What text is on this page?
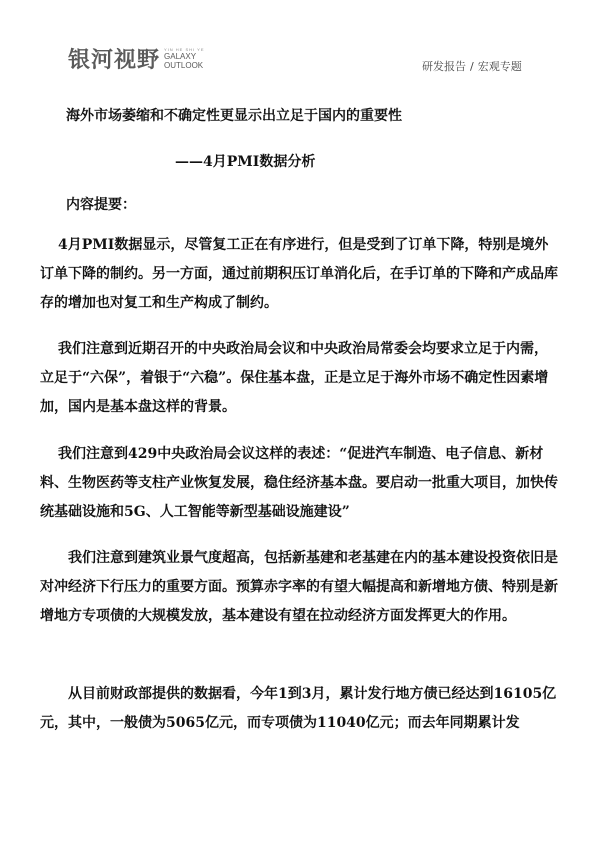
银河视野 YIN HE SHI YE
GALAXY
OUTLOOK	研发报告 / 宏观专题
海外市场萎缩和不确定性更显示出立足于国内的重要性
——4月PMI数据分析
内容提要：

4月PMI数据显示，尽管复工正在有序进行，但是受到了订单下降，特别是境外订单下降的制约。另一方面，通过前期积压订单消化后，在手订单的下降和产成品库存的增加也对复工和生产构成了制约。

我们注意到近期召开的中央政治局会议和中央政治局常委会均要求立足于内需，立足于“六保”，着银于“六稳”。保住基本盘，正是立足于海外市场不确定性因素增加，国内是基本盘这样的背景。

我们注意到429中央政治局会议这样的表述：“促进汽车制造、电子信息、新材料、生物医药等支柱产业恢复发展，稳住经济基本盘。要启动一批重大项目，加快传统基础设施和5G、人工智能等新型基础设施建设”

我们注意到建筑业景气度超高，包括新基建和老基建在内的基本建设投资依旧是对冲经济下行压力的重要方面。预算赤字率的有望大幅提高和新增地方债、特别是新增地方专项债的大规模发放，基本建设有望在拉动经济方面发挥更大的作用。

从目前财政部提供的数据看，今年1到3月，累计发行地方债已经达到16105亿元，其中，一般债为5065亿元，而专项债为11040亿元；而去年同期累计发
